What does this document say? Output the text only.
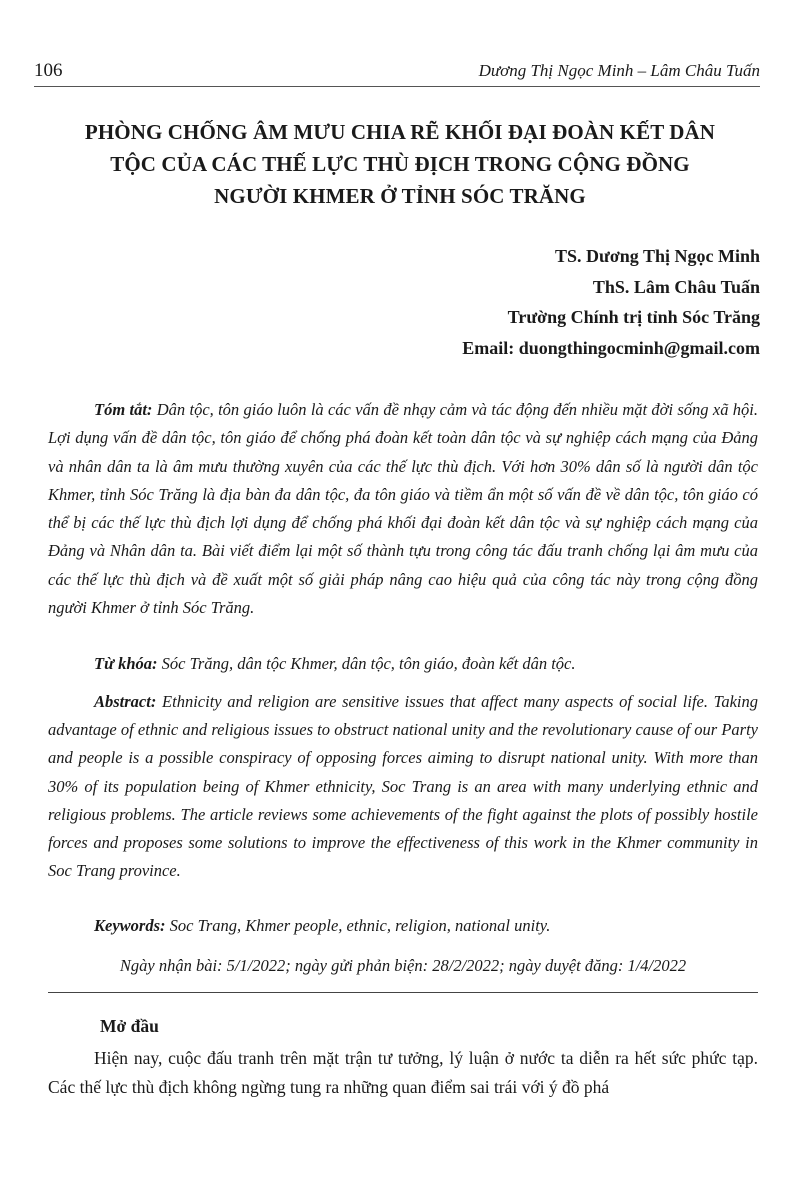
106	Dương Thị Ngọc Minh – Lâm Châu Tuấn
PHÒNG CHỐNG ÂM MƯU CHIA RẼ KHỐI ĐẠI ĐOÀN KẾT DÂN
TỘC CỦA CÁC THẾ LỰC THÙ ĐỊCH TRONG CỘNG ĐỒNG
NGƯỜI KHMER Ở TỈNH SÓC TRĂNG
TS. Dương Thị Ngọc Minh
ThS. Lâm Châu Tuấn
Trường Chính trị tỉnh Sóc Trăng
Email: duongthingocminh@gmail.com
Tóm tắt: Dân tộc, tôn giáo luôn là các vấn đề nhạy cảm và tác động đến nhiều mặt đời sống xã hội. Lợi dụng vấn đề dân tộc, tôn giáo để chống phá đoàn kết toàn dân tộc và sự nghiệp cách mạng của Đảng và nhân dân ta là âm mưu thường xuyên của các thế lực thù địch. Với hơn 30% dân số là người dân tộc Khmer, tỉnh Sóc Trăng là địa bàn đa dân tộc, đa tôn giáo và tiềm ẩn một số vấn đề về dân tộc, tôn giáo có thể bị các thế lực thù địch lợi dụng để chống phá khối đại đoàn kết dân tộc và sự nghiệp cách mạng của Đảng và Nhân dân ta. Bài viết điểm lại một số thành tựu trong công tác đấu tranh chống lại âm mưu của các thế lực thù địch và đề xuất một số giải pháp nâng cao hiệu quả của công tác này trong cộng đồng người Khmer ở tỉnh Sóc Trăng.
Từ khóa: Sóc Trăng, dân tộc Khmer, dân tộc, tôn giáo, đoàn kết dân tộc.
Abstract: Ethnicity and religion are sensitive issues that affect many aspects of social life. Taking advantage of ethnic and religious issues to obstruct national unity and the revolutionary cause of our Party and people is a possible conspiracy of opposing forces aiming to disrupt national unity. With more than 30% of its population being of Khmer ethnicity, Soc Trang is an area with many underlying ethnic and religious problems. The article reviews some achievements of the fight against the plots of possibly hostile forces and proposes some solutions to improve the effectiveness of this work in the Khmer community in Soc Trang province.
Keywords: Soc Trang, Khmer people, ethnic, religion, national unity.
Ngày nhận bài: 5/1/2022; ngày gửi phản biện: 28/2/2022; ngày duyệt đăng: 1/4/2022
Mở đầu
Hiện nay, cuộc đấu tranh trên mặt trận tư tưởng, lý luận ở nước ta diễn ra hết sức phức tạp. Các thế lực thù địch không ngừng tung ra những quan điểm sai trái với ý đồ phá
